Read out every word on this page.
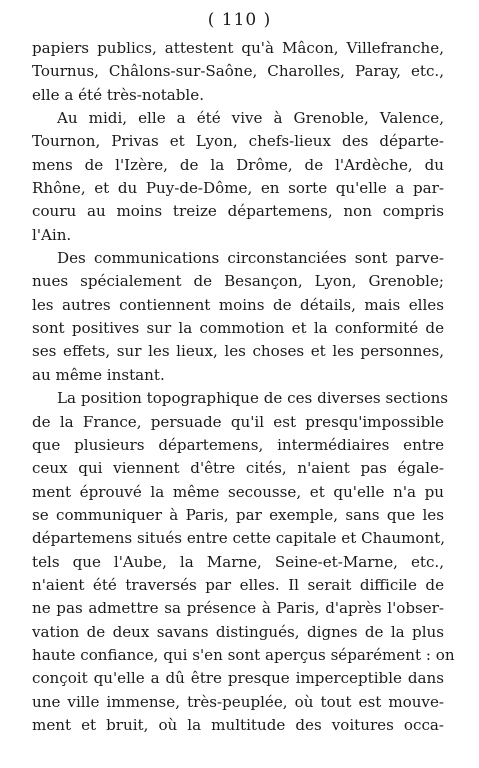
( 110 )

papiers publics, attestent qu'à Mâcon, Villefranche,
Tournus, Châlons-sur-Saône, Charolles, Paray, etc.,
elle a été très-notable.

Au midi, elle a été vive à Grenoble, Valence,
Tournon, Privas et Lyon, chefs-lieux des départe-
mens de l'Izère, de la Drôme, de l'Ardèche, du
Rhône, et du Puy-de-Dôme, en sorte qu'elle a par-
couru au moins treize départemens, non compris
l'Ain.

Des communications circonstanciées sont parve-
nues spécialement de Besançon, Lyon, Grenoble;
les autres contiennent moins de détails, mais elles
sont positives sur la commotion et la conformité de
ses effets, sur les lieux, les choses et les personnes,
au même instant.

La position topographique de ces diverses sections
de la France, persuade qu'il est presqu'impossible
que plusieurs départemens, intermédiaires entre
ceux qui viennent d'être cités, n'aient pas égale-
ment éprouvé la même secousse, et qu'elle n'a pu
se communiquer à Paris, par exemple, sans que les
départemens situés entre cette capitale et Chaumont,
tels que l'Aube, la Marne, Seine-et-Marne, etc.,
n'aient été traversés par elles. Il serait difficile de
ne pas admettre sa présence à Paris, d'après l'obser-
vation de deux savans distingués, dignes de la plus
haute confiance, qui s'en sont aperçus séparément : on
conçoit qu'elle a dû être presque imperceptible dans
une ville immense, très-peuplée, où tout est mouve-
ment et bruit, où la multitude des voitures occa-
